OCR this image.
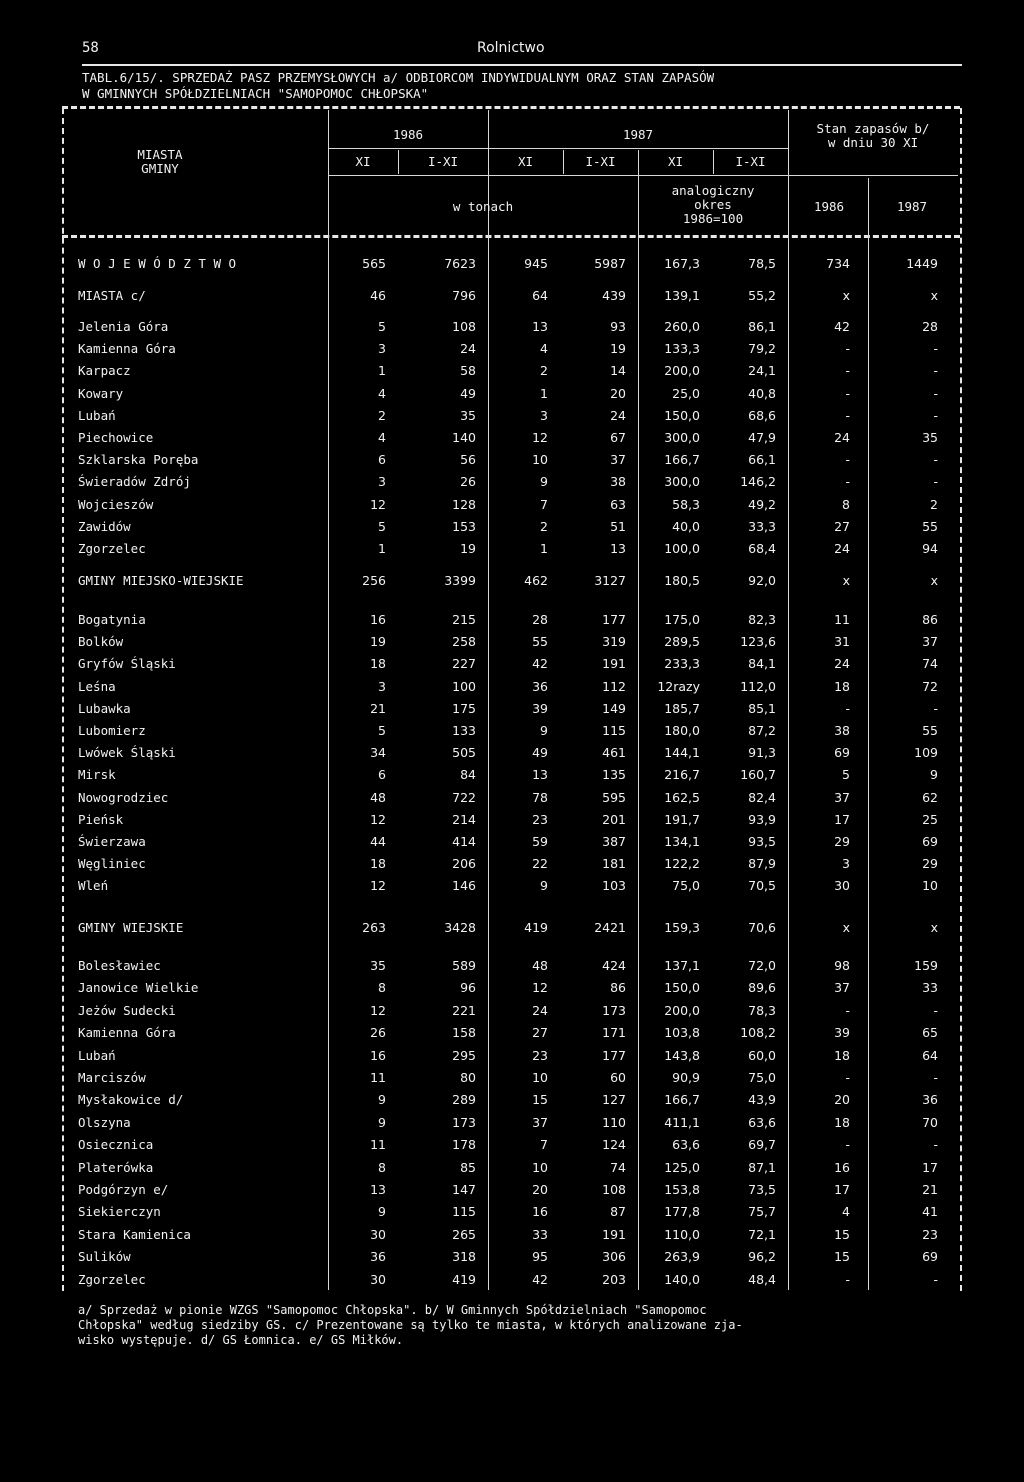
58	Rolnictwo
TABL.6/15/. SPRZEDAŻ PASZ PRZEMYSŁOWYCH a/ ODBIORCOM INDYWIDUALNYM ORAZ STAN ZAPASÓW
W GMINNYCH SPÓŁDZIELNIACH "SAMOPOMOC CHŁOPSKA"
MIASTA
GMINY
1986	1987	Stan zapasów b/
w dniu 30 XI
XI	I-XI	XI	I-XI	XI	I-XI
w tonach
analogiczny
okres
1986=100
1986	1987
W O J E W Ó D Z T W O	565	7623	945	5987	167,3	78,5	734	1449
MIASTA c/	46	796	64	439	139,1	55,2	x	x
Jelenia Góra	5	108	13	93	260,0	86,1	42	28
Kamienna Góra	3	24	4	19	133,3	79,2	-	-
Karpacz	1	58	2	14	200,0	24,1	-	-
Kowary	4	49	1	20	25,0	40,8	-	-
Lubań	2	35	3	24	150,0	68,6	-	-
Piechowice	4	140	12	67	300,0	47,9	24	35
Szklarska Poręba	6	56	10	37	166,7	66,1	-	-
Świeradów Zdrój	3	26	9	38	300,0	146,2	-	-
Wojcieszów	12	128	7	63	58,3	49,2	8	2
Zawidów	5	153	2	51	40,0	33,3	27	55
Zgorzelec	1	19	1	13	100,0	68,4	24	94
GMINY MIEJSKO-WIEJSKIE	256	3399	462	3127	180,5	92,0	x	x
Bogatynia	16	215	28	177	175,0	82,3	11	86
Bolków	19	258	55	319	289,5	123,6	31	37
Gryfów Śląski	18	227	42	191	233,3	84,1	24	74
Leśna	3	100	36	112	12razy	112,0	18	72
Lubawka	21	175	39	149	185,7	85,1	-	-
Lubomierz	5	133	9	115	180,0	87,2	38	55
Lwówek Śląski	34	505	49	461	144,1	91,3	69	109
Mirsk	6	84	13	135	216,7	160,7	5	9
Nowogrodziec	48	722	78	595	162,5	82,4	37	62
Pieńsk	12	214	23	201	191,7	93,9	17	25
Świerzawa	44	414	59	387	134,1	93,5	29	69
Węgliniec	18	206	22	181	122,2	87,9	3	29
Wleń	12	146	9	103	75,0	70,5	30	10
GMINY WIEJSKIE	263	3428	419	2421	159,3	70,6	x	x
Bolesławiec	35	589	48	424	137,1	72,0	98	159
Janowice Wielkie	8	96	12	86	150,0	89,6	37	33
Jeżów Sudecki	12	221	24	173	200,0	78,3	-	-
Kamienna Góra	26	158	27	171	103,8	108,2	39	65
Lubań	16	295	23	177	143,8	60,0	18	64
Marciszów	11	80	10	60	90,9	75,0	-	-
Mysłakowice d/	9	289	15	127	166,7	43,9	20	36
Olszyna	9	173	37	110	411,1	63,6	18	70
Osiecznica	11	178	7	124	63,6	69,7	-	-
Platerówka	8	85	10	74	125,0	87,1	16	17
Podgórzyn e/	13	147	20	108	153,8	73,5	17	21
Siekierczyn	9	115	16	87	177,8	75,7	4	41
Stara Kamienica	30	265	33	191	110,0	72,1	15	23
Sulików	36	318	95	306	263,9	96,2	15	69
Zgorzelec	30	419	42	203	140,0	48,4	-	-
a/ Sprzedaż w pionie WZGS "Samopomoc Chłopska". b/ W Gminnych Spółdzielniach "Samopomoc
Chłopska" według siedziby GS. c/ Prezentowane są tylko te miasta, w których analizowane zja-
wisko występuje. d/ GS Łomnica. e/ GS Miłków.
